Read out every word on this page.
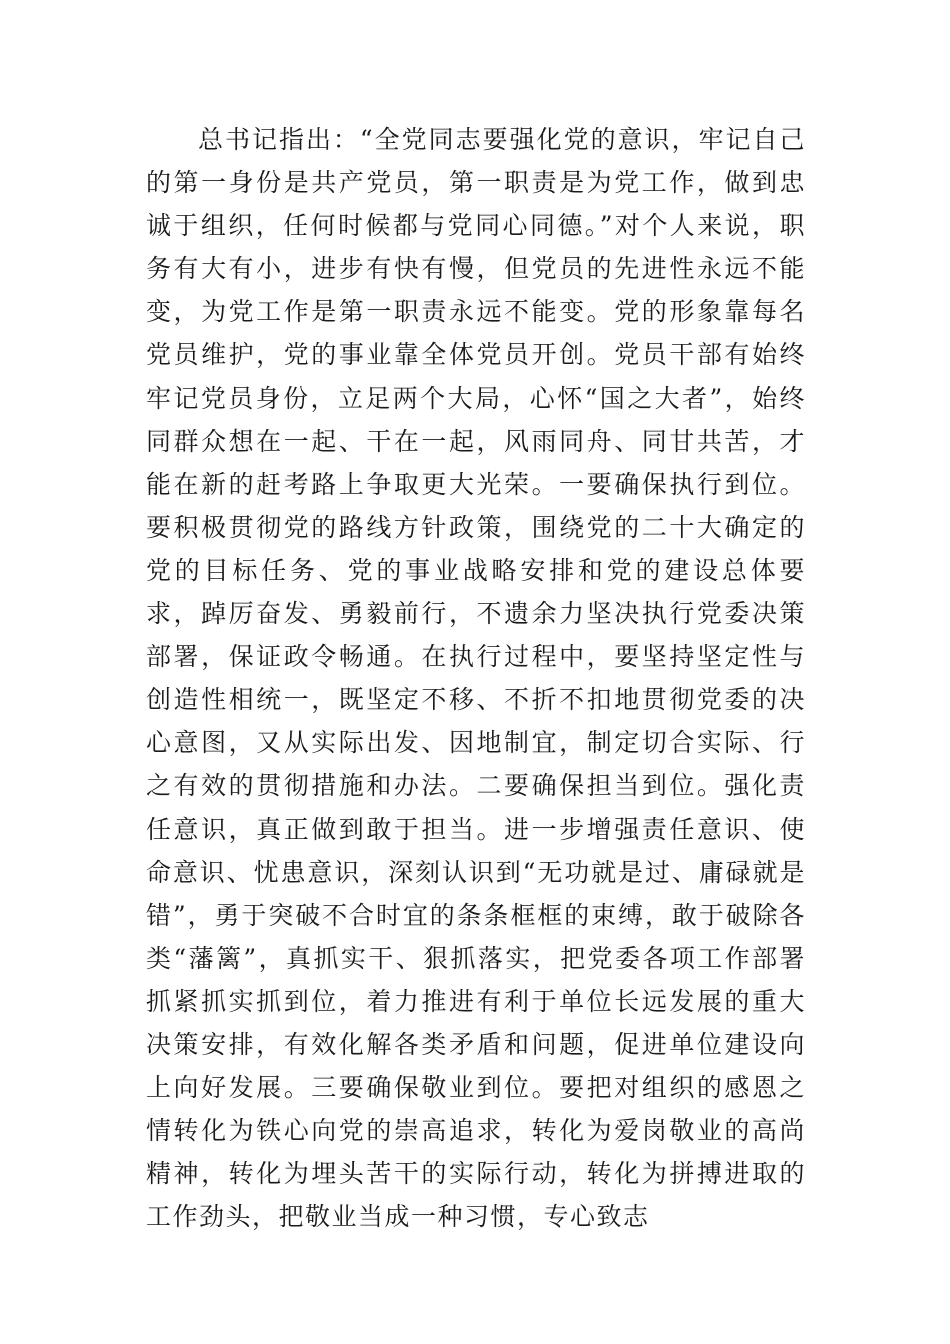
总书记指出：“全党同志要强化党的意识，牢记自己的第一身份是共产党员，第一职责是为党工作，做到忠诚于组织，任何时候都与党同心同德。”对个人来说，职务有大有小，进步有快有慢，但党员的先进性永远不能变，为党工作是第一职责永远不能变。党的形象靠每名党员维护，党的事业靠全体党员开创。党员干部有始终牢记党员身份，立足两个大局，心怀“国之大者”，始终同群众想在一起、干在一起，风雨同舟、同甘共苦，才能在新的赶考路上争取更大光荣。一要确保执行到位。要积极贯彻党的路线方针政策，围绕党的二十大确定的党的目标任务、党的事业战略安排和党的建设总体要求，踔厉奋发、勇毅前行，不遗余力坚决执行党委决策部署，保证政令畅通。在执行过程中，要坚持坚定性与创造性相统一，既坚定不移、不折不扣地贯彻党委的决心意图，又从实际出发、因地制宜，制定切合实际、行之有效的贯彻措施和办法。二要确保担当到位。强化责任意识，真正做到敢于担当。进一步增强责任意识、使命意识、忧患意识，深刻认识到“无功就是过、庸碌就是错”，勇于突破不合时宜的条条框框的束缚，敢于破除各类“藩篱”，真抓实干、狠抓落实，把党委各项工作部署抓紧抓实抓到位，着力推进有利于单位长远发展的重大决策安排，有效化解各类矛盾和问题，促进单位建设向上向好发展。三要确保敬业到位。要把对组织的感恩之情转化为铁心向党的崇高追求，转化为爱岗敬业的高尚精神，转化为埋头苦干的实际行动，转化为拼搏进取的工作劲头，把敬业当成一种习惯，专心致志
